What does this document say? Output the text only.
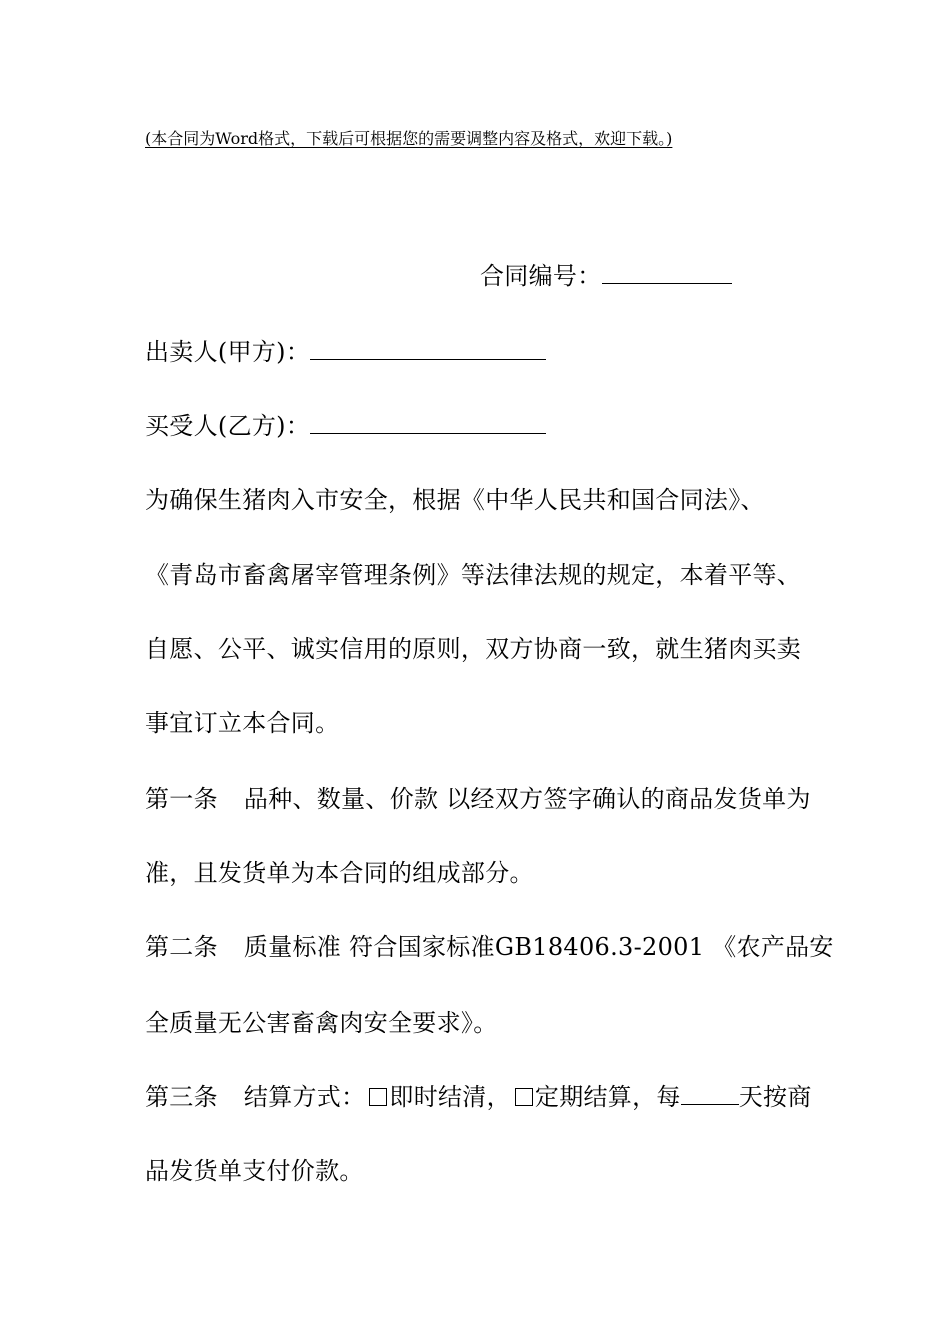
(本合同为Word格式，下载后可根据您的需要调整内容及格式，欢迎下载。)
合同编号：
出卖人(甲方)：
买受人(乙方)：
为确保生猪肉入市安全，根据《中华人民共和国合同法》、
《青岛市畜禽屠宰管理条例》等法律法规的规定，本着平等、
自愿、公平、诚实信用的原则，双方协商一致，就生猪肉买卖
事宜订立本合同。
第一条 品种、数量、价款 以经双方签字确认的商品发货单为
准，且发货单为本合同的组成部分。
第二条 质量标准 符合国家标准GB18406.3-2001 《农产品安
全质量无公害畜禽肉安全要求》。
第三条 结算方式： 即时结清， 定期结算，每 天按商
品发货单支付价款。
